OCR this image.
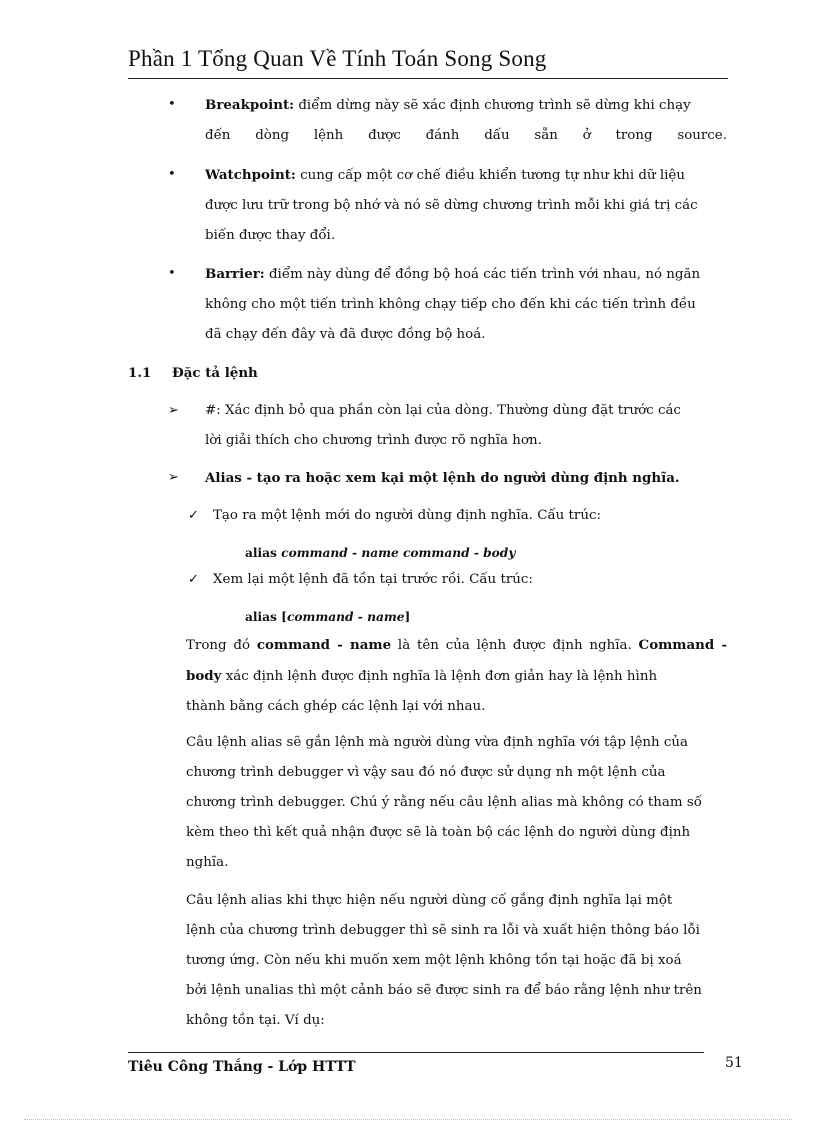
Phần 1 Tổng Quan Về Tính Toán Song Song
• Breakpoint: điểm dừng này sẽ xác định chương trình sẽ dừng khi chạy
đến dòng lệnh được đánh dấu sẵn ở trong source.
• Watchpoint: cung cấp một cơ chế điều khiển tương tự như khi dữ liệu
được lưu trữ trong bộ nhớ và nó sẽ dừng chương trình mỗi khi giá trị các
biến được thay đổi.
• Barrier: điểm này dùng để đồng bộ hoá các tiến trình với nhau, nó ngăn
không cho một tiến trình không chạy tiếp cho đến khi các tiến trình đều
đã chạy đến đây và đã được đồng bộ hoá.
1.1 Đặc tả lệnh
➢ #: Xác định bỏ qua phần còn lại của dòng. Thường dùng đặt trước các
lời giải thích cho chương trình được rõ nghĩa hơn.
➢ Alias - tạo ra hoặc xem kại một lệnh do người dùng định nghĩa.
✓ Tạo ra một lệnh mới do người dùng định nghĩa. Cấu trúc:
alias command - name command - body
✓ Xem lại một lệnh đã tồn tại trước rồi. Cấu trúc:
alias [command - name]
Trong đó command - name là tên của lệnh được định nghĩa. Command -
body xác định lệnh được định nghĩa là lệnh đơn giản hay là lệnh hình
thành bằng cách ghép các lệnh lại với nhau.
Câu lệnh alias sẽ gắn lệnh mà người dùng vừa định nghĩa với tập lệnh của
chương trình debugger vì vậy sau đó nó được sử dụng nh một lệnh của
chương trình debugger. Chú ý rằng nếu câu lệnh alias mà không có tham số
kèm theo thì kết quả nhận được sẽ là toàn bộ các lệnh do người dùng định
nghĩa.
Câu lệnh alias khi thực hiện nếu người dùng cố gắng định nghĩa lại một
lệnh của chương trình debugger thì sẽ sinh ra lỗi và xuất hiện thông báo lỗi
tương ứng. Còn nếu khi muốn xem một lệnh không tồn tại hoặc đã bị xoá
bởi lệnh unalias thì một cảnh báo sẽ được sinh ra để báo rằng lệnh như trên
không tồn tại. Ví dụ:
Tiêu Công Thắng - Lớp HTTT	51
